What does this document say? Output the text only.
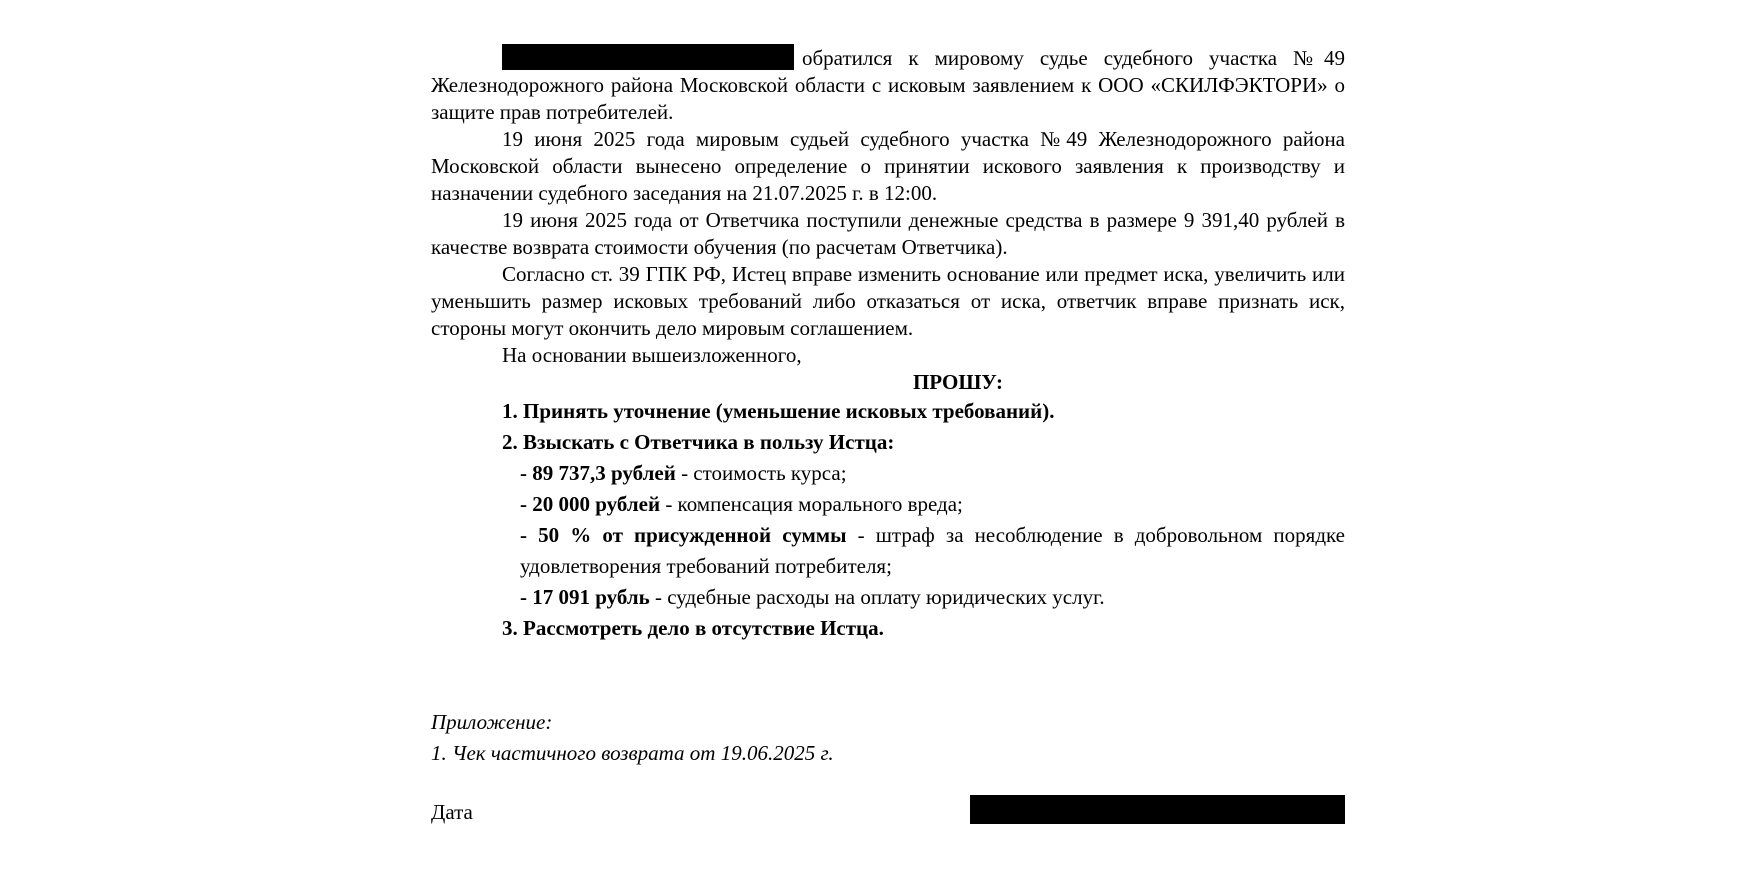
обратился к мировому судье судебного участка №49 Железнодорожного района Московской области с исковым заявлением к ООО «СКИЛФЭКТОРИ» о защите прав потребителей.

19 июня 2025 года мировым судьей судебного участка №49 Железнодорожного района Московской области вынесено определение о принятии искового заявления к производству и назначении судебного заседания на 21.07.2025 г. в 12:00.

19 июня 2025 года от Ответчика поступили денежные средства в размере 9 391,40 рублей в качестве возврата стоимости обучения (по расчетам Ответчика).

Согласно ст. 39 ГПК РФ, Истец вправе изменить основание или предмет иска, увеличить или уменьшить размер исковых требований либо отказаться от иска, ответчик вправе признать иск, стороны могут окончить дело мировым соглашением.

На основании вышеизложенного,

ПРОШУ:

1. Принять уточнение (уменьшение исковых требований).

2. Взыскать с Ответчика в пользу Истца:

- 89 737,3 рублей - стоимость курса;

- 20 000 рублей - компенсация морального вреда;

- 50 % от присужденной суммы - штраф за несоблюдение в добровольном порядке удовлетворения требований потребителя;

- 17 091 рубль - судебные расходы на оплату юридических услуг.

3. Рассмотреть дело в отсутствие Истца.

Приложение:

1. Чек частичного возврата от 19.06.2025 г.

Дата
